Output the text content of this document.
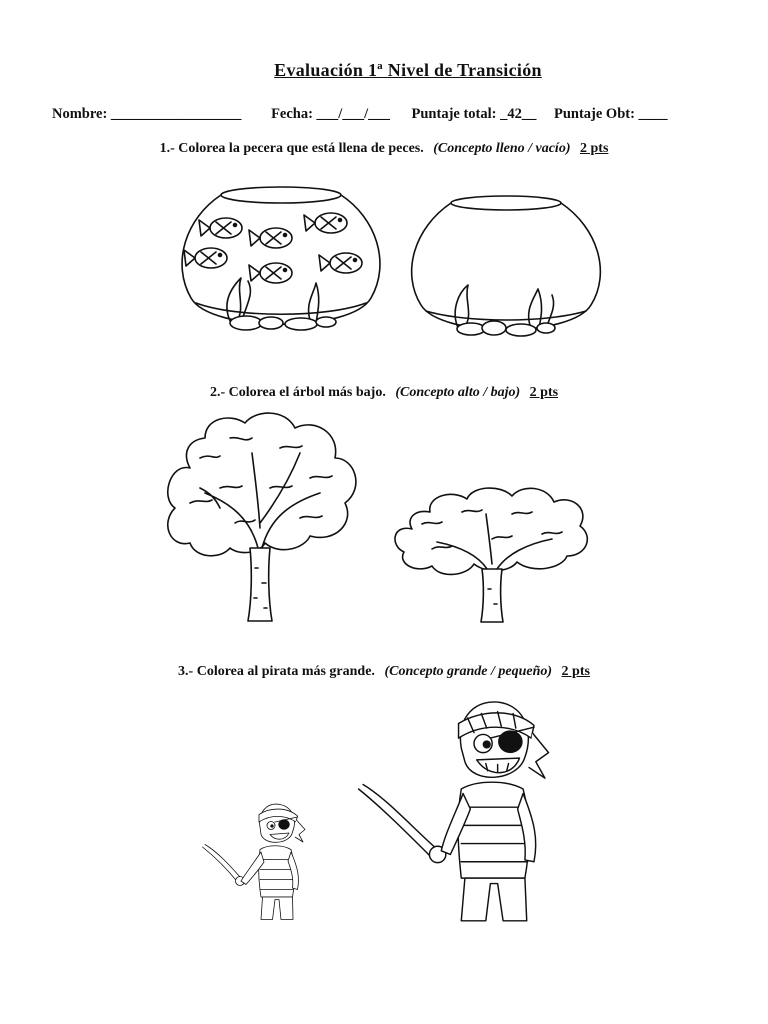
Evaluación 1ª Nivel de Transición
Nombre: __________________ Fecha: ___/___/___ Puntaje total: _42__ Puntaje Obt: ____
1.- Colorea la pecera que está llena de peces. (Concepto lleno / vacío) 2 pts
2.- Colorea el árbol más bajo. (Concepto alto / bajo) 2 pts
3.- Colorea al pirata más grande. (Concepto grande / pequeño) 2 pts
